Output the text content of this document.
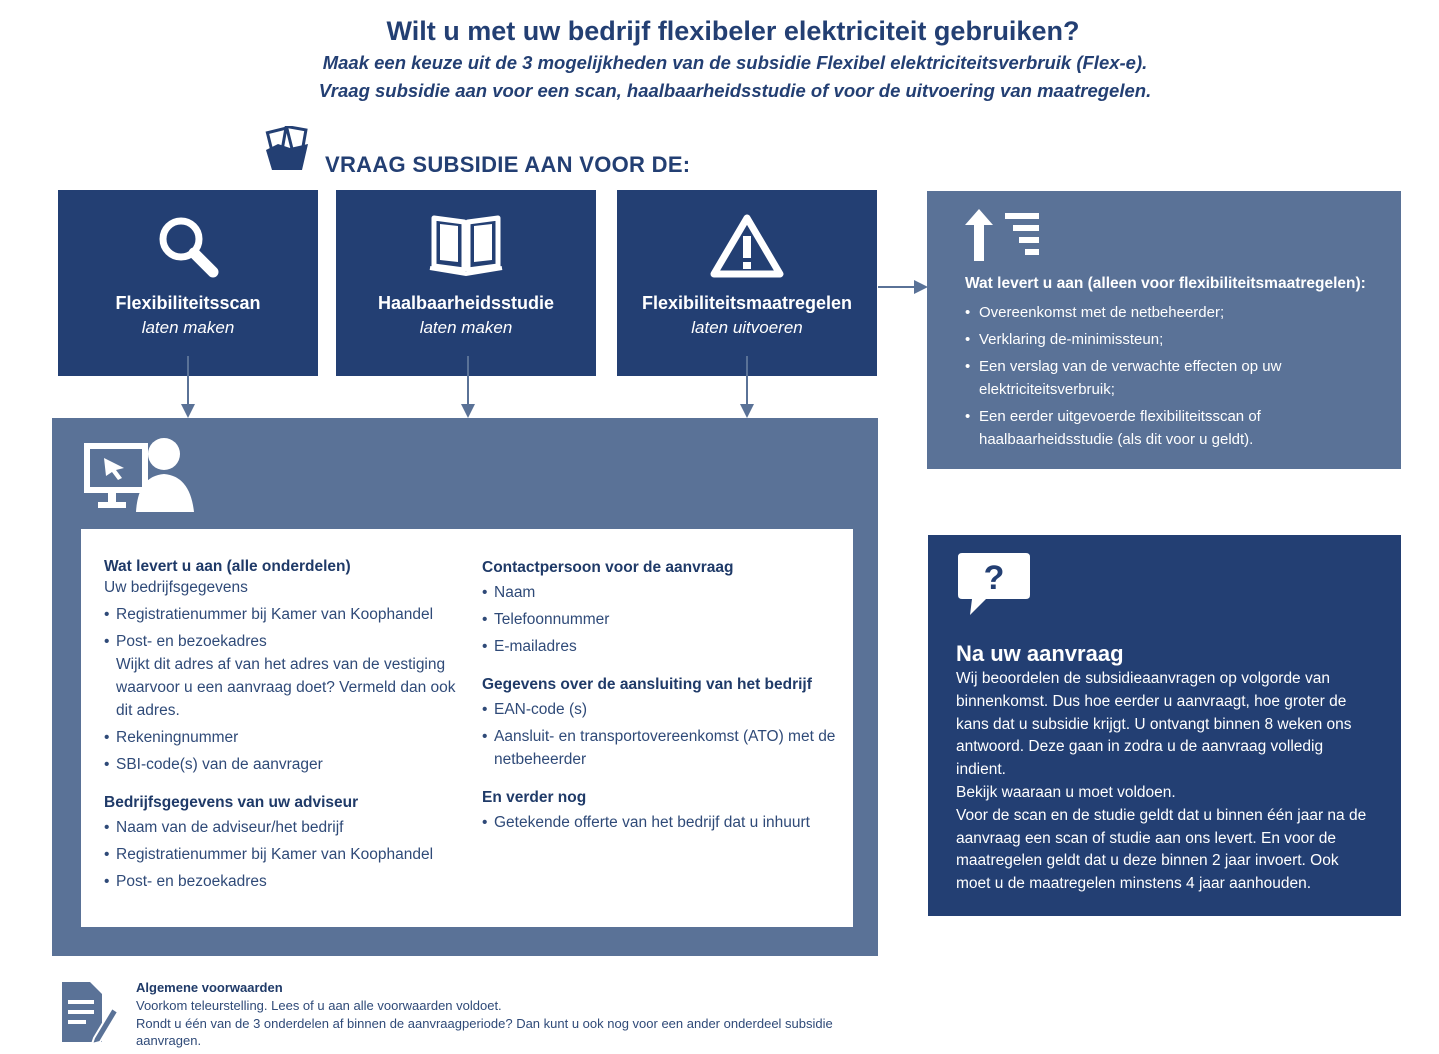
Wilt u met uw bedrijf flexibeler elektriciteit gebruiken?
Maak een keuze uit de 3 mogelijkheden van de subsidie Flexibel elektriciteitsverbruik (Flex-e).
Vraag subsidie aan voor een scan, haalbaarheidsstudie of voor de uitvoering van maatregelen.
VRAAG SUBSIDIE AAN VOOR DE:
Flexibiliteitsscan
laten maken
Haalbaarheidsstudie
laten maken
Flexibiliteitsmaatregelen
laten uitvoeren
Wat levert u aan (alleen voor flexibiliteitsmaatregelen):
• Overeenkomst met de netbeheerder;
• Verklaring de-minimissteun;
• Een verslag van de verwachte effecten op uw elektriciteitsverbruik;
• Een eerder uitgevoerde flexibiliteitsscan of haalbaarheidsstudie (als dit voor u geldt).
Wat levert u aan (alle onderdelen)
Uw bedrijfsgegevens
• Registratienummer bij Kamer van Koophandel
• Post- en bezoekadres
Wijkt dit adres af van het adres van de vestiging waarvoor u een aanvraag doet? Vermeld dan ook dit adres.
• Rekeningnummer
• SBI-code(s) van de aanvrager
Bedrijfsgegevens van uw adviseur
• Naam van de adviseur/het bedrijf
• Registratienummer bij Kamer van Koophandel
• Post- en bezoekadres
Contactpersoon voor de aanvraag
• Naam
• Telefoonnummer
• E-mailadres
Gegevens over de aansluiting van het bedrijf
• EAN-code (s)
• Aansluit- en transportovereenkomst (ATO) met de netbeheerder
En verder nog
• Getekende offerte van het bedrijf dat u inhuurt
?
Na uw aanvraag
Wij beoordelen de subsidieaanvragen op volgorde van binnenkomst. Dus hoe eerder u aanvraagt, hoe groter de kans dat u subsidie krijgt. U ontvangt binnen 8 weken ons antwoord. Deze gaan in zodra u de aanvraag volledig indient.
Bekijk waaraan u moet voldoen.
Voor de scan en de studie geldt dat u binnen één jaar na de aanvraag een scan of studie aan ons levert. En voor de maatregelen geldt dat u deze binnen 2 jaar invoert. Ook moet u de maatregelen minstens 4 jaar aanhouden.
Algemene voorwaarden
Voorkom teleurstelling. Lees of u aan alle voorwaarden voldoet.
Rondt u één van de 3 onderdelen af binnen de aanvraagperiode? Dan kunt u ook nog voor een ander onderdeel subsidie aanvragen.
